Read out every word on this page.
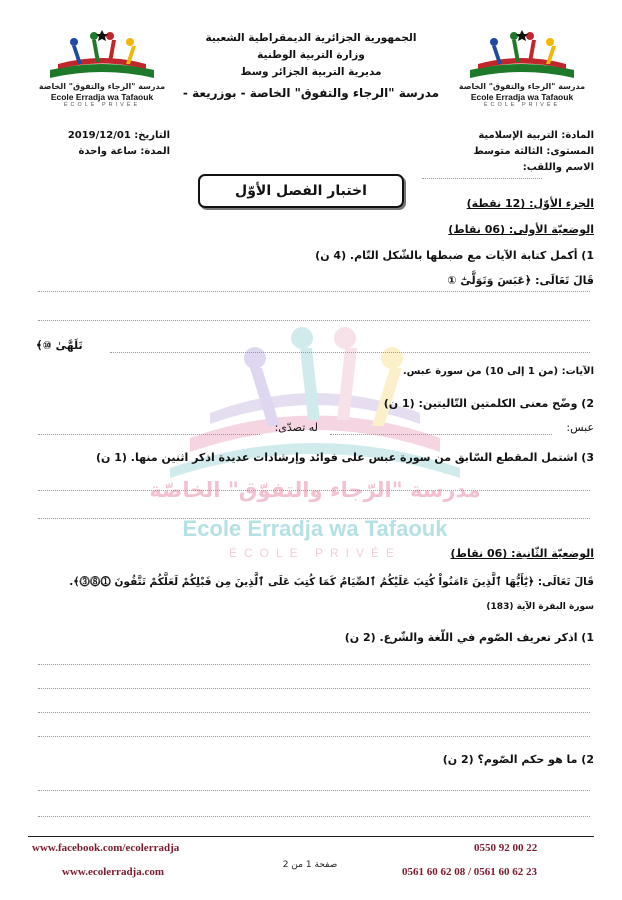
مدرسة "الرجاء والتفوق" الخاصة
Ecole Erradja wa Tafaouk
ÉCOLE PRIVÉE
مدرسة "الرجاء والتفوق" الخاصة
Ecole Erradja wa Tafaouk
ÉCOLE PRIVÉE
الجمهورية الجزائرية الديمقراطية الشعبية
وزارة التربية الوطنية
مديرية التربية الجزائر وسط
مدرسة "الرجاء والتفوق" الخاصة - بوزريعة -
المادة: التربية الإسلامية
المستوى: الثالثة متوسط
الاسم واللقب:
التاريخ: 2019/12/01
المدة: ساعة واحدة
اختبار الفصل الأوّل
مدرسة "الرّجاء والتفوّق" الخاصّة
Ecole Erradja wa Tafaouk
ÉCOLE PRIVÉE
الجزء الأوّل: (12 نقطة)
الوضعيّة الأولى: (06 نقاط)
1) أكمل كتابة الآيات مع ضبطها بالشّكل التّام. (4 ن)
قَالَ تَعَالَى: ﴿عَبَسَ وَتَوَلَّىٰٓ ①
تَلَهَّىٰ ⑩﴾
الآيات: (من 1 إلى 10) من سورة عبس.
2) وضّح معنى الكلمتين التّاليتين: (1 ن)
عبس:
له تصدّى:
3) اشتمل المقطع السّابق من سورة عبس على فوائد وإرشادات عديدة اذكر اثنين منها. (1 ن)
الوضعيّة الثّانية: (06 نقاط)
قَالَ تَعَالَى: ﴿يَٰٓأَيُّهَا ٱلَّذِينَ ءَامَنُواْ كُتِبَ عَلَيْكُمُ ٱلصِّيَامُ كَمَا كُتِبَ عَلَى ٱلَّذِينَ مِن قَبْلِكُمْ لَعَلَّكُمْ تَتَّقُونَ ⓵⓼⓷﴾.
سورة البقرة الآية (183)
1) اذكر تعريف الصّوم في اللّغة والشّرع. (2 ن)
2) ما هو حكم الصّوم؟ (2 ن)
www.facebook.com/ecolerradja
www.ecolerradja.com
صفحة 1 من 2
0550 92 00 22
0561 60 62 08 / 0561 60 62 23
